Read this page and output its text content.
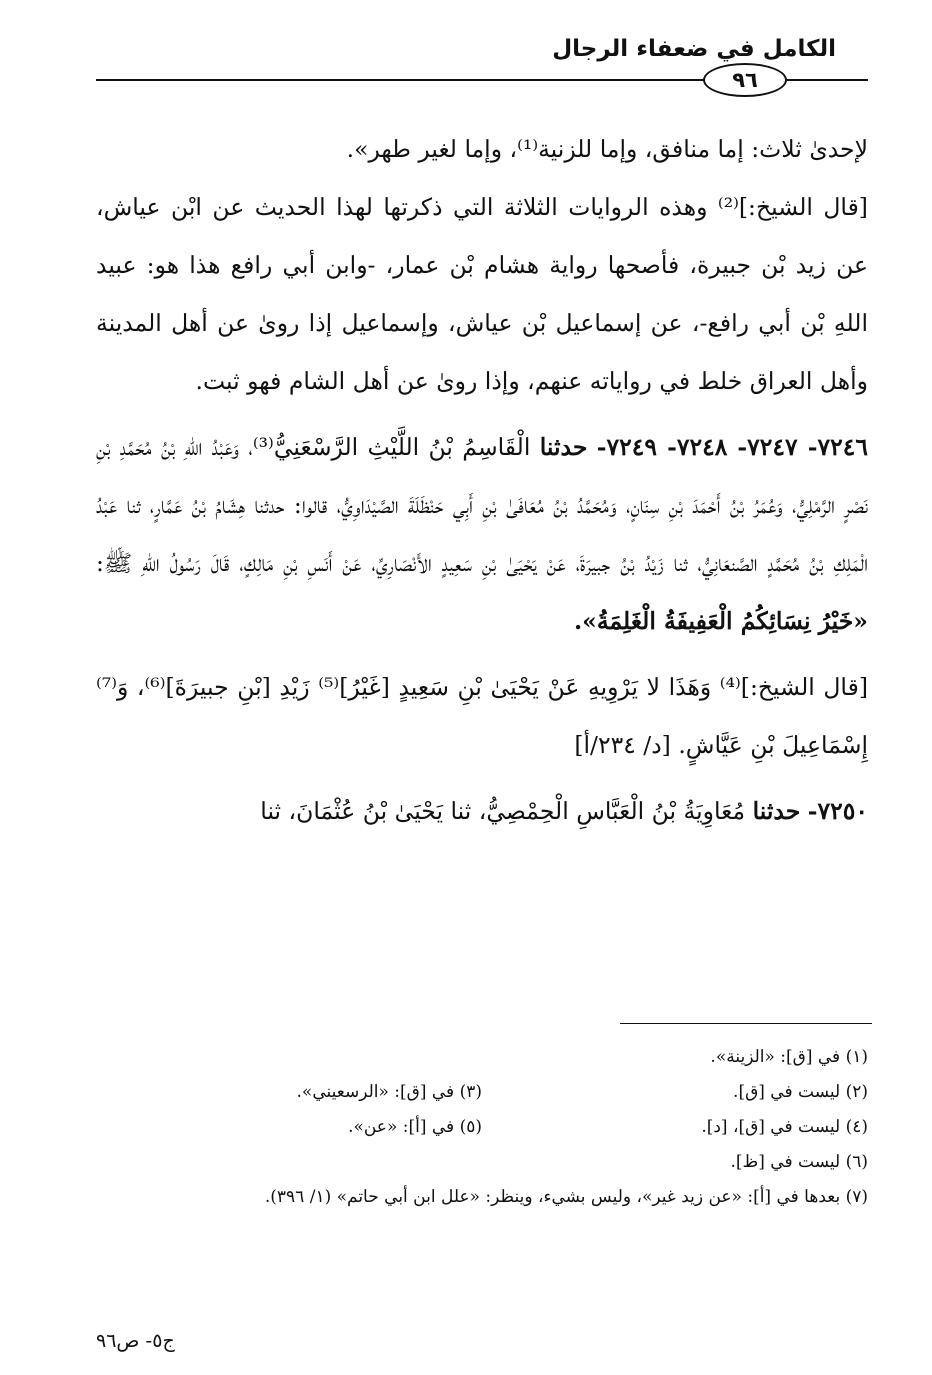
الكامل في ضعفاء الرجال
٩٦

لإحدىٰ ثلاث: إما منافق، وإما للزنية⁽¹⁾، وإما لغير طهر».

[قال الشيخ:]⁽²⁾ وهذه الروايات الثلاثة التي ذكرتها لهذا الحديث عن ابْن عياش، عن زيد بْن جبيرة، فأصحها رواية هشام بْن عمار، -وابن أبي رافع هذا هو: عبيد اللهِ بْن أبي رافع-، عن إسماعيل بْن عياش، وإسماعيل إذا روىٰ عن أهل المدينة وأهل العراق خلط في رواياته عنهم، وإذا روىٰ عن أهل الشام فهو ثبت.

٧٢٤٦- ٧٢٤٧- ٧٢٤٨- ٧٢٤٩- حدثنا الْقَاسِمُ بْنُ اللَّيْثِ الرَّسْعَنِيُّ⁽³⁾، وَعَبْدُ اللهِ بْنُ مُحَمَّدِ بْنِ نَصْرٍ الرَّمْلِيُّ، وَعُمَرُ بْنُ أَحْمَدَ بْنِ سِنَانٍ، وَمُحَمَّدُ بْنُ مُعَافَىٰ بْنِ أَبِي حَنْظَلَةَ الصَّيْدَاوِيُّ، قالوا: حدثنا هِشَامُ بْنُ عَمَّارٍ، ثنا عَبْدُ الْمَلِكِ بْنُ مُحَمَّدٍ الصَّنعَانِيُّ، ثنا زَيْدُ بْنُ جبيرَةَ، عَنْ يَحْيَىٰ بْنِ سَعِيدٍ الأَنْصَارِيِّ، عَنْ أَنَسِ بْنِ مَالِكٍ، قَالَ رَسُولُ اللهِ ﷺ: «خَيْرُ نِسَائِكُمُ الْعَفِيفَةُ الْغَلِمَةُ».

[قال الشيخ:]⁽⁴⁾ وَهَذَا لا يَرْوِيهِ عَنْ يَحْيَىٰ بْنِ سَعِيدٍ [غَيْرُ]⁽⁵⁾ زَيْدِ [بْنِ جبيرَةَ]⁽⁶⁾، وَ⁽⁷⁾إِسْمَاعِيلَ بْنِ عَيَّاشٍ. [د/ ٢٣٤/أ]

٧٢٥٠- حدثنا مُعَاوِيَةُ بْنُ الْعَبَّاسِ الْحِمْصِيُّ، ثنا يَحْيَىٰ بْنُ عُثْمَانَ، ثنا

(١) في [ق]: «الزينة».
(٢) ليست في [ق].
(٣) في [ق]: «الرسعيني».
(٤) ليست في [ق]، [د].
(٥) في [أ]: «عن».
(٦) ليست في [ظ].
(٧) بعدها في [أ]: «عن زيد غير»، وليس بشيء، وينظر: «علل ابن أبي حاتم» (١/ ٣٩٦).
ج٥- ص٩٦
